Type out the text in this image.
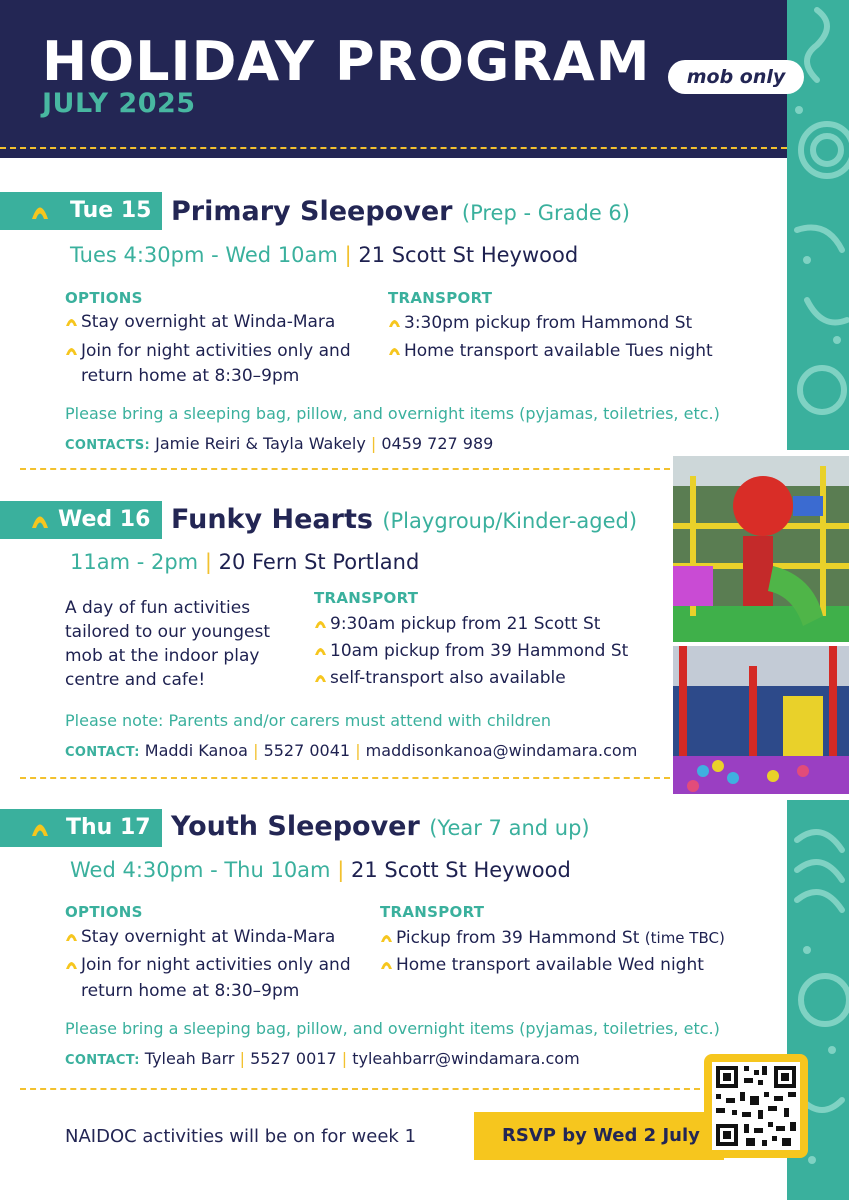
HOLIDAY PROGRAM
JULY 2025
mob only
Tue 15 Primary Sleepover (Prep - Grade 6)
Tues 4:30pm - Wed 10am | 21 Scott St Heywood
OPTIONS
Stay overnight at Winda-Mara
Join for night activities only and
return home at 8:30–9pm
TRANSPORT
3:30pm pickup from Hammond St
Home transport available Tues night
Please bring a sleeping bag, pillow, and overnight items (pyjamas, toiletries, etc.)
CONTACTS: Jamie Reiri & Tayla Wakely | 0459 727 989
Wed 16 Funky Hearts (Playgroup/Kinder-aged)
11am - 2pm | 20 Fern St Portland
A day of fun activities
tailored to our youngest
mob at the indoor play
centre and cafe!
TRANSPORT
9:30am pickup from 21 Scott St
10am pickup from 39 Hammond St
self-transport also available
Please note: Parents and/or carers must attend with children
CONTACT: Maddi Kanoa | 5527 0041 | maddisonkanoa@windamara.com
Thu 17 Youth Sleepover (Year 7 and up)
Wed 4:30pm - Thu 10am | 21 Scott St Heywood
OPTIONS
Stay overnight at Winda-Mara
Join for night activities only and
return home at 8:30–9pm
TRANSPORT
Pickup from 39 Hammond St (time TBC)
Home transport available Wed night
Please bring a sleeping bag, pillow, and overnight items (pyjamas, toiletries, etc.)
CONTACT: Tyleah Barr | 5527 0017 | tyleahbarr@windamara.com
NAIDOC activities will be on for week 1	RSVP by Wed 2 July
